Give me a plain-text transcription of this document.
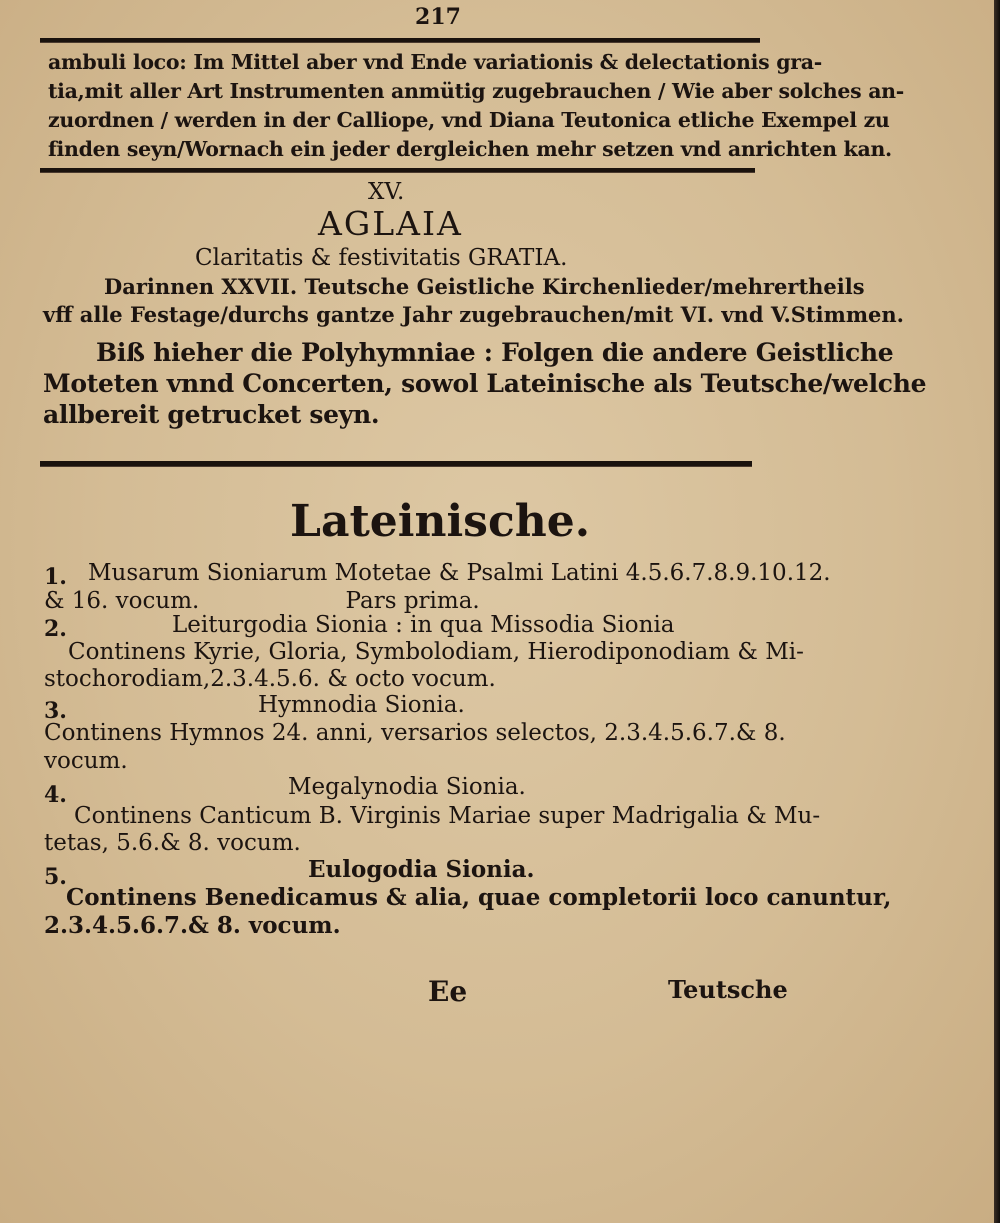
217
ambuli loco: Im Mittel aber vnd Ende variationis & delectationis gra-
tia,mit aller Art Instrumenten anmütig zugebrauchen / Wie aber solches an-
zuordnen / werden in der Calliope, vnd Diana Teutonica etliche Exempel zu
finden seyn/Wornach ein jeder dergleichen mehr setzen vnd anrichten kan.
XV.
AGLAIA
Claritatis & festivitatis GRATIA.
Darinnen XXVII. Teutsche Geistliche Kirchenlieder/mehrertheils
vff alle Festage/durchs gantze Jahr zugebrauchen/mit VI. vnd V.Stimmen.
Biß hieher die Polyhymniae : Folgen die andere Geistliche
Moteten vnnd Concerten, sowol Lateinische als Teutsche/welche
allbereit getrucket seyn.
Lateinische.
1. Musarum Sioniarum Motetae & Psalmi Latini 4.5.6.7.8.9.10.12.
& 16. vocum.                    Pars prima.
2.	Leiturgodia Sionia : in qua Missodia Sionia
Continens Kyrie, Gloria, Symbolodiam, Hierodiponodiam & Mi-
stochorodiam,2.3.4.5.6. & octo vocum.
3.	Hymnodia Sionia.
Continens Hymnos 24. anni, versarios selectos, 2.3.4.5.6.7.& 8.
vocum.
4.	Megalynodia Sionia.
Continens Canticum B. Virginis Mariae super Madrigalia & Mu-
tetas, 5.6.& 8. vocum.
5.	Eulogodia Sionia.
Continens Benedicamus & alia, quae completorii loco canuntur,
2.3.4.5.6.7.& 8. vocum.
Ee	Teutsche
